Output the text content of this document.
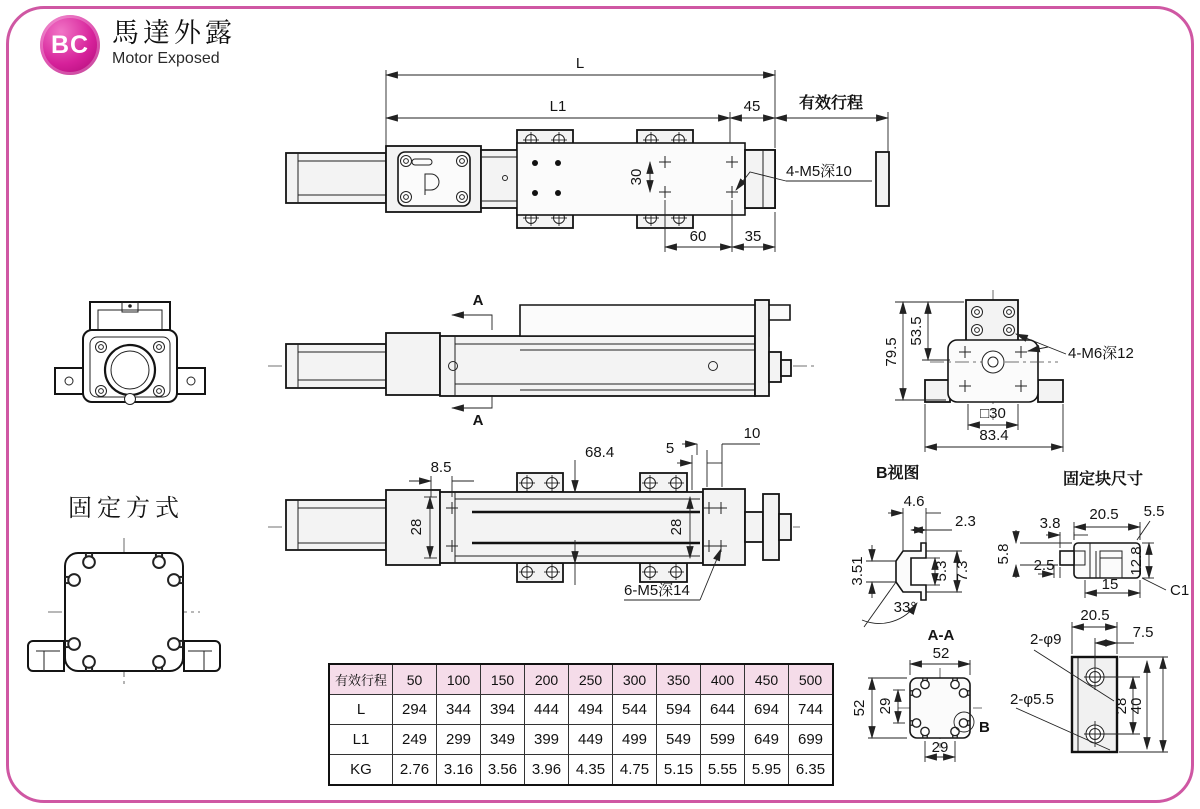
BC 馬達外露
Motor Exposed	L
L1	45 有效行程
30	4-M5深10
60	35
A
A
79.5
53.5
4-M6深12
□30
83.4
8.5
68.4	5
10
28	28
6-M5深14
固定方式
B视图
4.6
2.3
3.51	5.3 7.3
33°
固定块尺寸
3.8
20.5 5.5
5.8
2.5
15
12.8
C1
A-A
52
52 29
29
B
2-φ9
2-φ5.5
20.5
7.5
28
40
有效行程	50	100	150	200	250	300	350	400	450	500
L	294	344	394	444	494	544	594	644	694	744
L1	249	299	349	399	449	499	549	599	649	699
KG	2.76	3.16	3.56	3.96	4.35	4.75	5.15	5.55	5.95	6.35
